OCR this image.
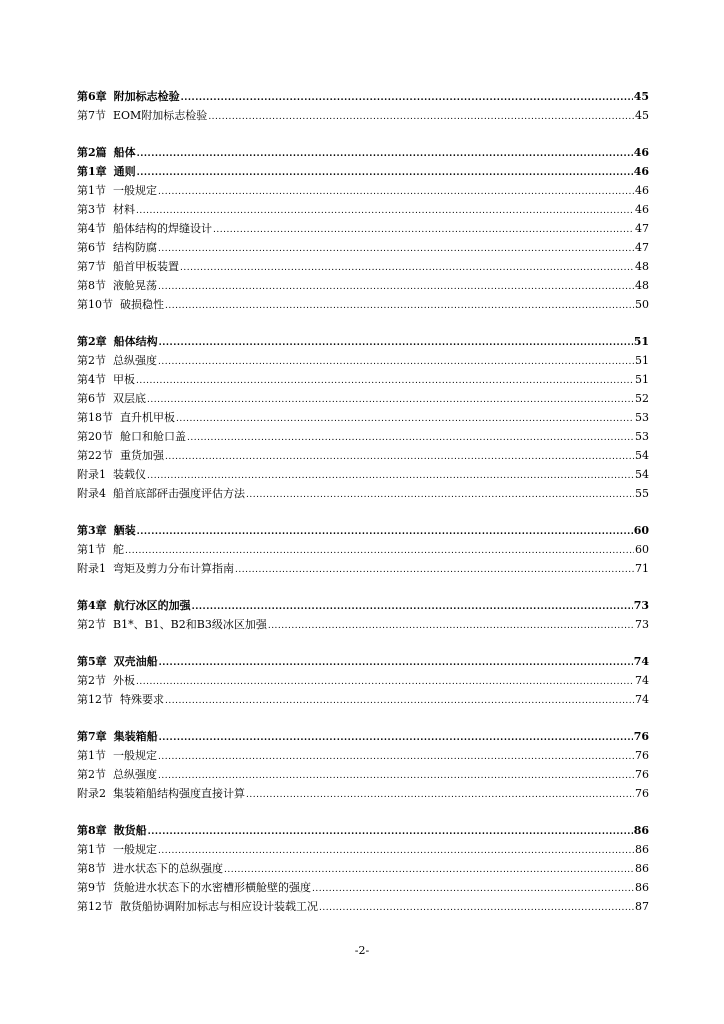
第6章 附加标志检验 .....	45
第7节 EOM附加标志检验 .....	45
第2篇 船体 .....	46
第1章 通则 .....	46
第1节 一般规定 .....	46
第3节 材料 .....	46
第4节 船体结构的焊缝设计 .....	47
第6节 结构防腐 .....	47
第7节 船首甲板装置 .....	48
第8节 液舱晃荡 .....	48
第10节 破损稳性 .....	50
第2章 船体结构 .....	51
第2节 总纵强度 .....	51
第4节 甲板 .....	51
第6节 双层底 .....	52
第18节 直升机甲板 .....	53
第20节 舱口和舱口盖 .....	53
第22节 重货加强 .....	54
附录1 装载仪 .....	54
附录4 船首底部砰击强度评估方法 .....	55
第3章 舾装 .....	60
第1节 舵 .....	60
附录1 弯矩及剪力分布计算指南 .....	71
第4章 航行冰区的加强 .....	73
第2节 B1*、B1、B2和B3级冰区加强 .....	73
第5章 双壳油船 .....	74
第2节 外板 .....	74
第12节 特殊要求 .....	74
第7章 集装箱船 .....	76
第1节 一般规定 .....	76
第2节 总纵强度 .....	76
附录2 集装箱船结构强度直接计算 .....	76
第8章 散货船 .....	86
第1节 一般规定 .....	86
第8节 进水状态下的总纵强度 .....	86
第9节 货舱进水状态下的水密槽形横舱壁的强度 .....	86
第12节 散货船协调附加标志与相应设计装载工况 .....	87
-2-
